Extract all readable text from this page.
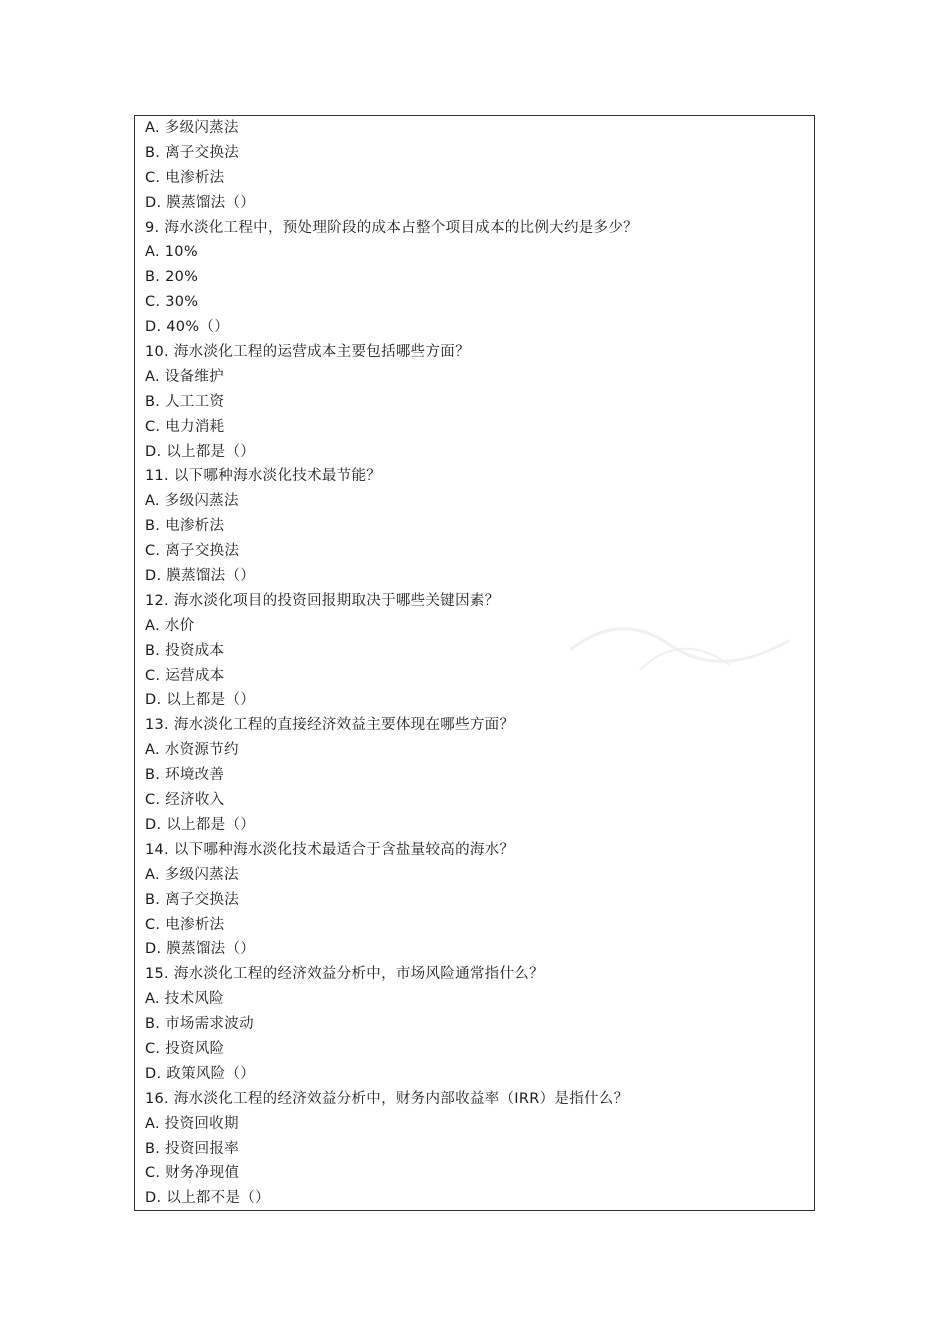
A. 多级闪蒸法
B. 离子交换法
C. 电渗析法
D. 膜蒸馏法（）
9. 海水淡化工程中，预处理阶段的成本占整个项目成本的比例大约是多少？
A. 10%
B. 20%
C. 30%
D. 40%（）
10. 海水淡化工程的运营成本主要包括哪些方面？
A. 设备维护
B. 人工工资
C. 电力消耗
D. 以上都是（）
11. 以下哪种海水淡化技术最节能？
A. 多级闪蒸法
B. 电渗析法
C. 离子交换法
D. 膜蒸馏法（）
12. 海水淡化项目的投资回报期取决于哪些关键因素？
A. 水价
B. 投资成本
C. 运营成本
D. 以上都是（）
13. 海水淡化工程的直接经济效益主要体现在哪些方面？
A. 水资源节约
B. 环境改善
C. 经济收入
D. 以上都是（）
14. 以下哪种海水淡化技术最适合于含盐量较高的海水？
A. 多级闪蒸法
B. 离子交换法
C. 电渗析法
D. 膜蒸馏法（）
15. 海水淡化工程的经济效益分析中，市场风险通常指什么？
A. 技术风险
B. 市场需求波动
C. 投资风险
D. 政策风险（）
16. 海水淡化工程的经济效益分析中，财务内部收益率（IRR）是指什么？
A. 投资回收期
B. 投资回报率
C. 财务净现值
D. 以上都不是（）
